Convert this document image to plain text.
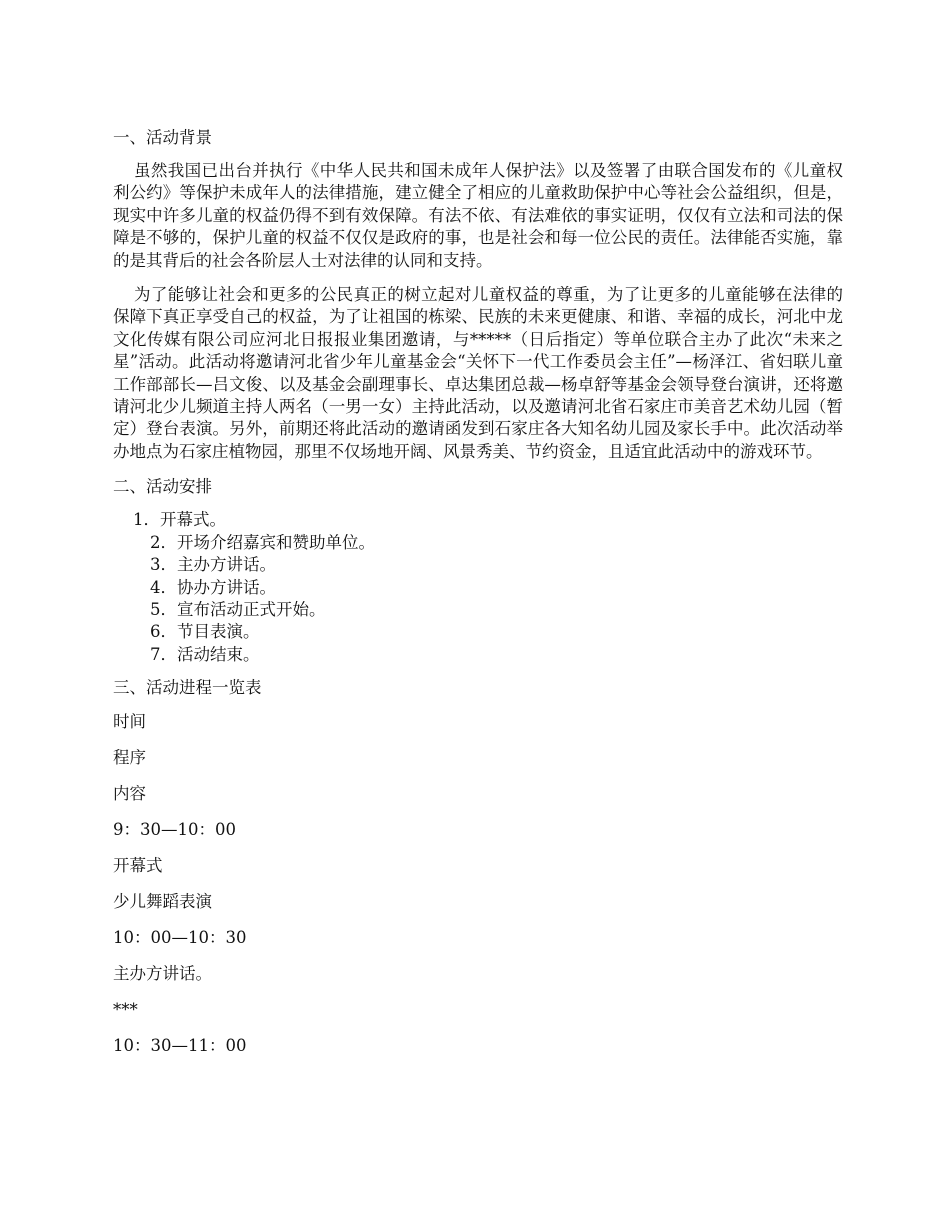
一、活动背景

虽然我国已出台并执行《中华人民共和国未成年人保护法》以及签署了由联合国发布的《儿童权利公约》等保护未成年人的法律措施，建立健全了相应的儿童救助保护中心等社会公益组织，但是，现实中许多儿童的权益仍得不到有效保障。有法不依、有法难依的事实证明，仅仅有立法和司法的保障是不够的，保护儿童的权益不仅仅是政府的事，也是社会和每一位公民的责任。法律能否实施，靠的是其背后的社会各阶层人士对法律的认同和支持。

为了能够让社会和更多的公民真正的树立起对儿童权益的尊重，为了让更多的儿童能够在法律的保障下真正享受自己的权益，为了让祖国的栋梁、民族的未来更健康、和谐、幸福的成长，河北中龙文化传媒有限公司应河北日报报业集团邀请，与*****（日后指定）等单位联合主办了此次“未来之星”活动。此活动将邀请河北省少年儿童基金会“关怀下一代工作委员会主任”—杨泽江、省妇联儿童工作部部长—吕文俊、以及基金会副理事长、卓达集团总裁—杨卓舒等基金会领导登台演讲，还将邀请河北少儿频道主持人两名（一男一女）主持此活动，以及邀请河北省石家庄市美音艺术幼儿园（暂定）登台表演。另外，前期还将此活动的邀请函发到石家庄各大知名幼儿园及家长手中。此次活动举办地点为石家庄植物园，那里不仅场地开阔、风景秀美、节约资金，且适宜此活动中的游戏环节。

二、活动安排
1．开幕式。
2．开场介绍嘉宾和赞助单位。
3．主办方讲话。
4．协办方讲话。
5．宣布活动正式开始。
6．节目表演。
7．活动结束。
三、活动进程一览表
时间
程序
内容
9：30—10：00
开幕式
少儿舞蹈表演
10：00—10：30
主办方讲话。
***
10：30—11：00
